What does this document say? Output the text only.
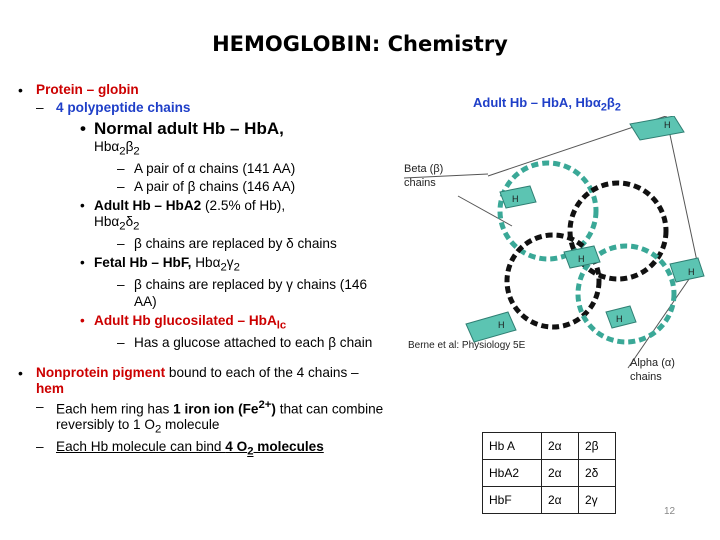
HEMOGLOBIN: Chemistry
• Protein – globin
– 4 polypeptide chains
• Normal adult Hb – HbA,
$Hb\alpha_2\beta_2$
– A pair of α chains (141 AA)
– A pair of β chains (146 AA)
• Adult Hb – HbA2 (2.5% of Hb),
$Hb\alpha_2\delta_2$
– β chains are replaced by δ chains
• Fetal Hb – HbF, $Hb\alpha_2\gamma_2$
– β chains are replaced by γ chains (146 AA)
• Adult Hb glucosilated – HbA$_{lc}$
– Has a glucose attached to each β chain
• Nonprotein pigment bound to each of the 4 chains – hem
– Each hem ring has 1 iron ion $(Fe^{2+})$ that can combine reversibly to 1 $O_2$ molecule
– Each Hb molecule can bind 4 $O_2$ molecules
Adult Hb – HbA, $Hb\alpha_2\beta_2$
H
H
H
H
H
H
Beta (β)
chains
Alpha (α)
chains
Berne et al: Physiology 5E
Hb A	2α	2β
HbA2	2α	2δ
HbF	2α	2γ
12
